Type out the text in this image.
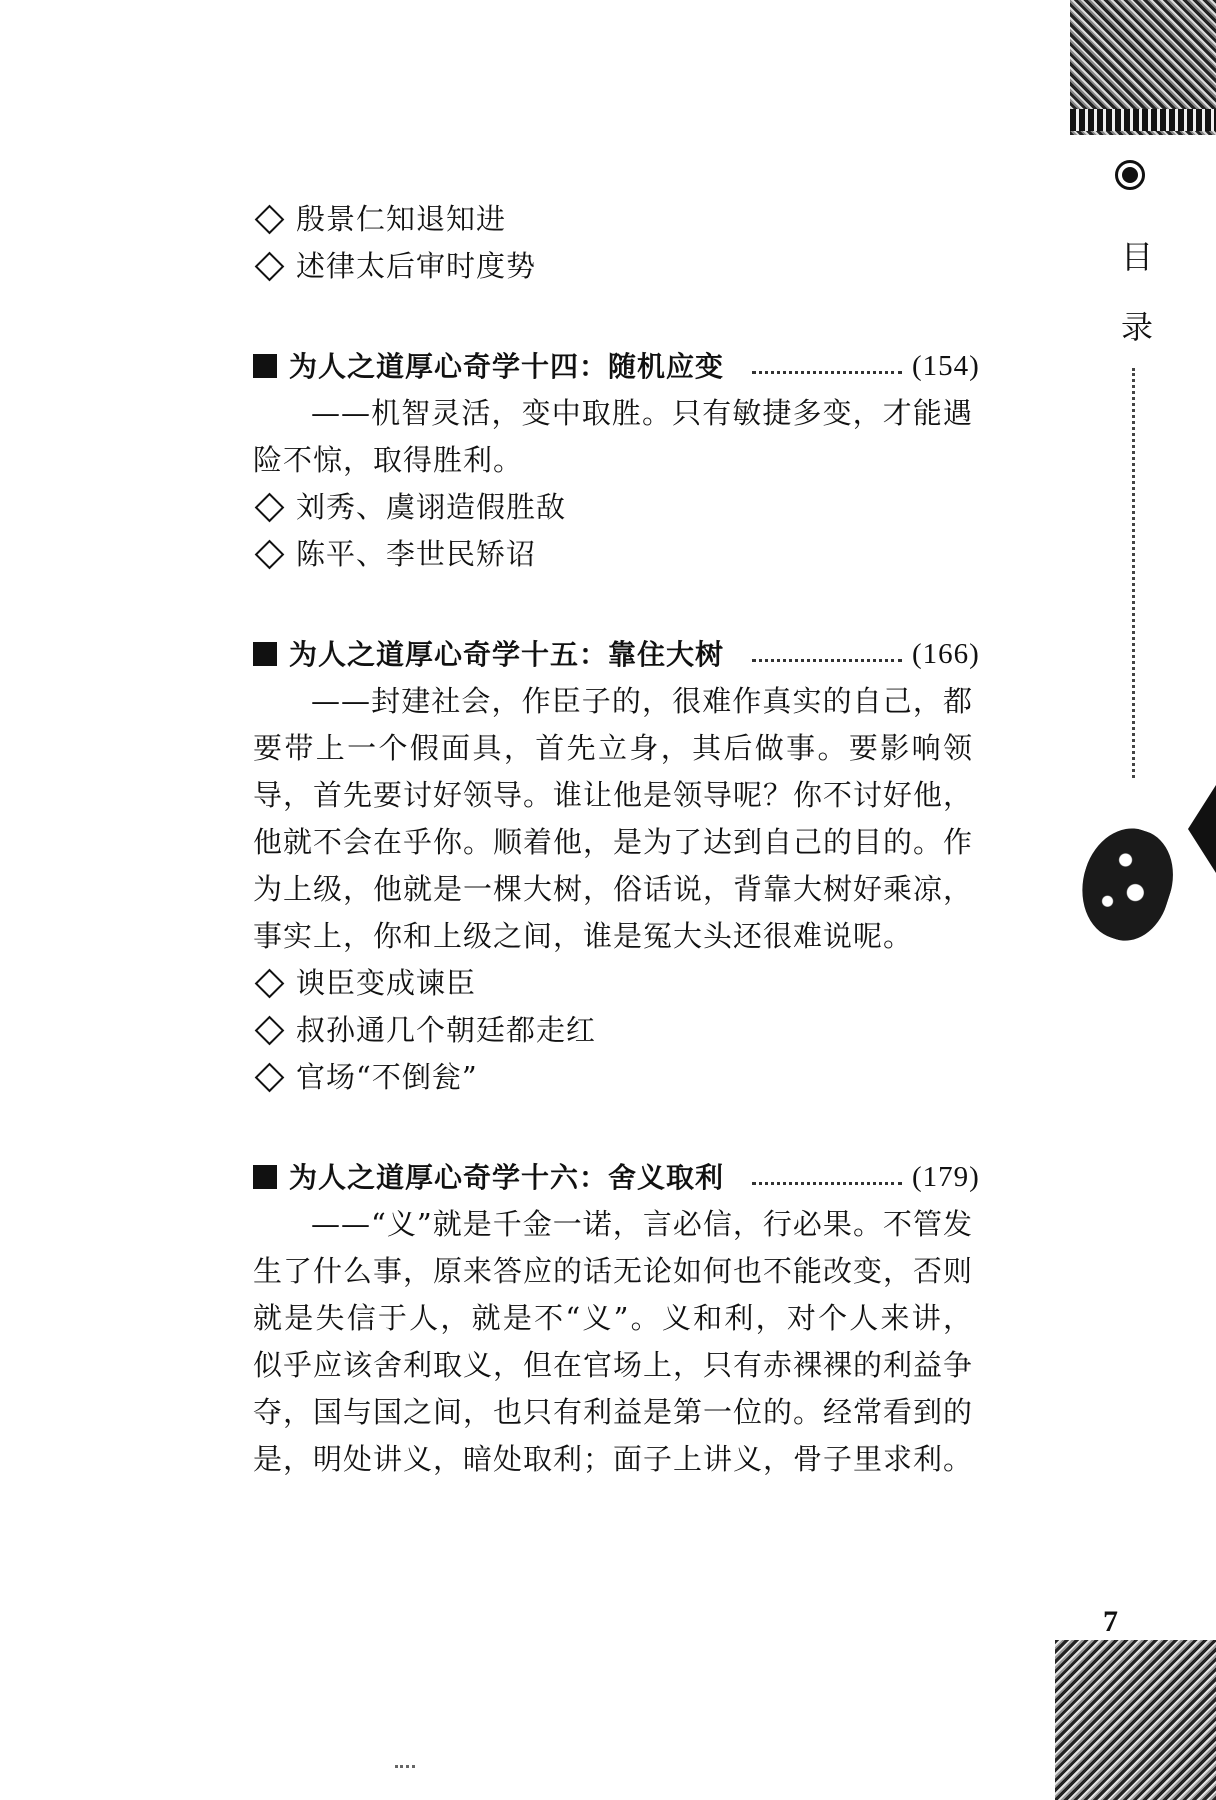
殷景仁知退知进
述律太后审时度势
为人之道厚心奇学十四：随机应变	(154)

——机智灵活，变中取胜。只有敏捷多变，才能遇险不惊，取得胜利。

刘秀、虞诩造假胜敌
陈平、李世民矫诏
为人之道厚心奇学十五：靠住大树	(166)

——封建社会，作臣子的，很难作真实的自己，都要带上一个假面具，首先立身，其后做事。要影响领导，首先要讨好领导。谁让他是领导呢？你不讨好他，他就不会在乎你。顺着他，是为了达到自己的目的。作为上级，他就是一棵大树，俗话说，背靠大树好乘凉，事实上，你和上级之间，谁是冤大头还很难说呢。

谀臣变成谏臣
叔孙通几个朝廷都走红
官场“不倒瓮”
为人之道厚心奇学十六：舍义取利	(179)

——“义”就是千金一诺，言必信，行必果。不管发生了什么事，原来答应的话无论如何也不能改变，否则就是失信于人，就是不“义”。义和利，对个人来讲，似乎应该舍利取义，但在官场上，只有赤裸裸的利益争夺，国与国之间，也只有利益是第一位的。经常看到的是，明处讲义，暗处取利；面子上讲义，骨子里求利。

目
录
7
